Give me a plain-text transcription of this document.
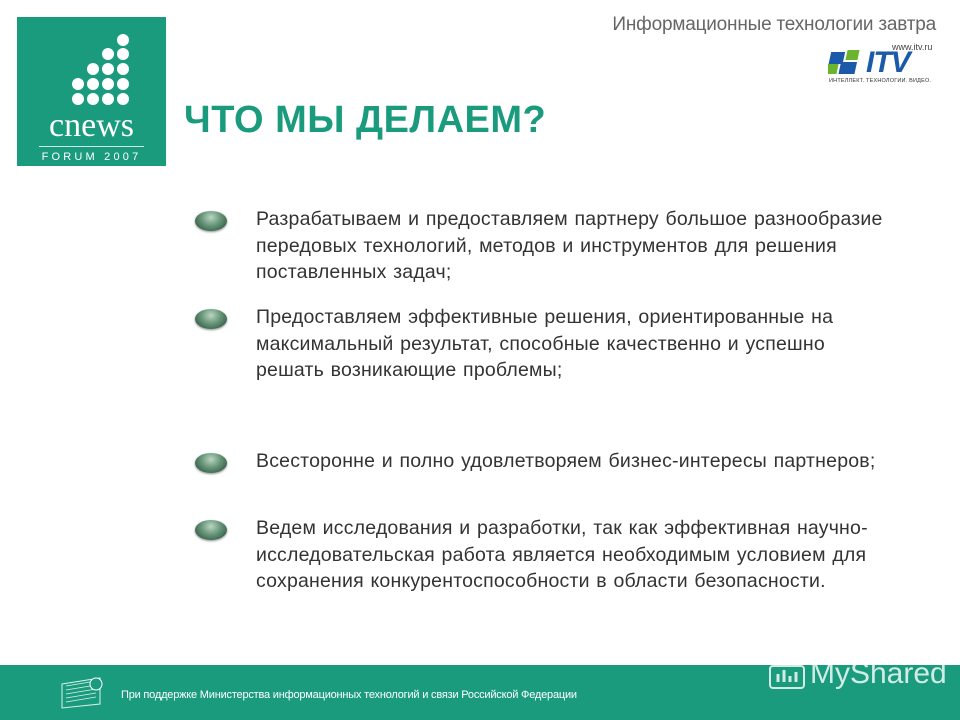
cnews
FORUM 2007
Информационные технологии завтра
www.itv.ru
ITV
ИНТЕЛЛЕКТ. ТЕХНОЛОГИИ. ВИДЕО.
ЧТО МЫ ДЕЛАЕМ?
Разрабатываем и предоставляем партнеру большое разнообразие передовых технологий, методов и инструментов для решения поставленных задач;
Предоставляем эффективные решения, ориентированные на максимальный результат, способные качественно и успешно решать возникающие проблемы;
Всесторонне и полно удовлетворяем бизнес-интересы партнеров;
Ведем исследования и разработки, так как эффективная научно-исследовательская работа является необходимым условием для сохранения конкурентоспособности в области безопасности.
При поддержке Министерства информационных технологий и связи Российской Федерации
MyShared
